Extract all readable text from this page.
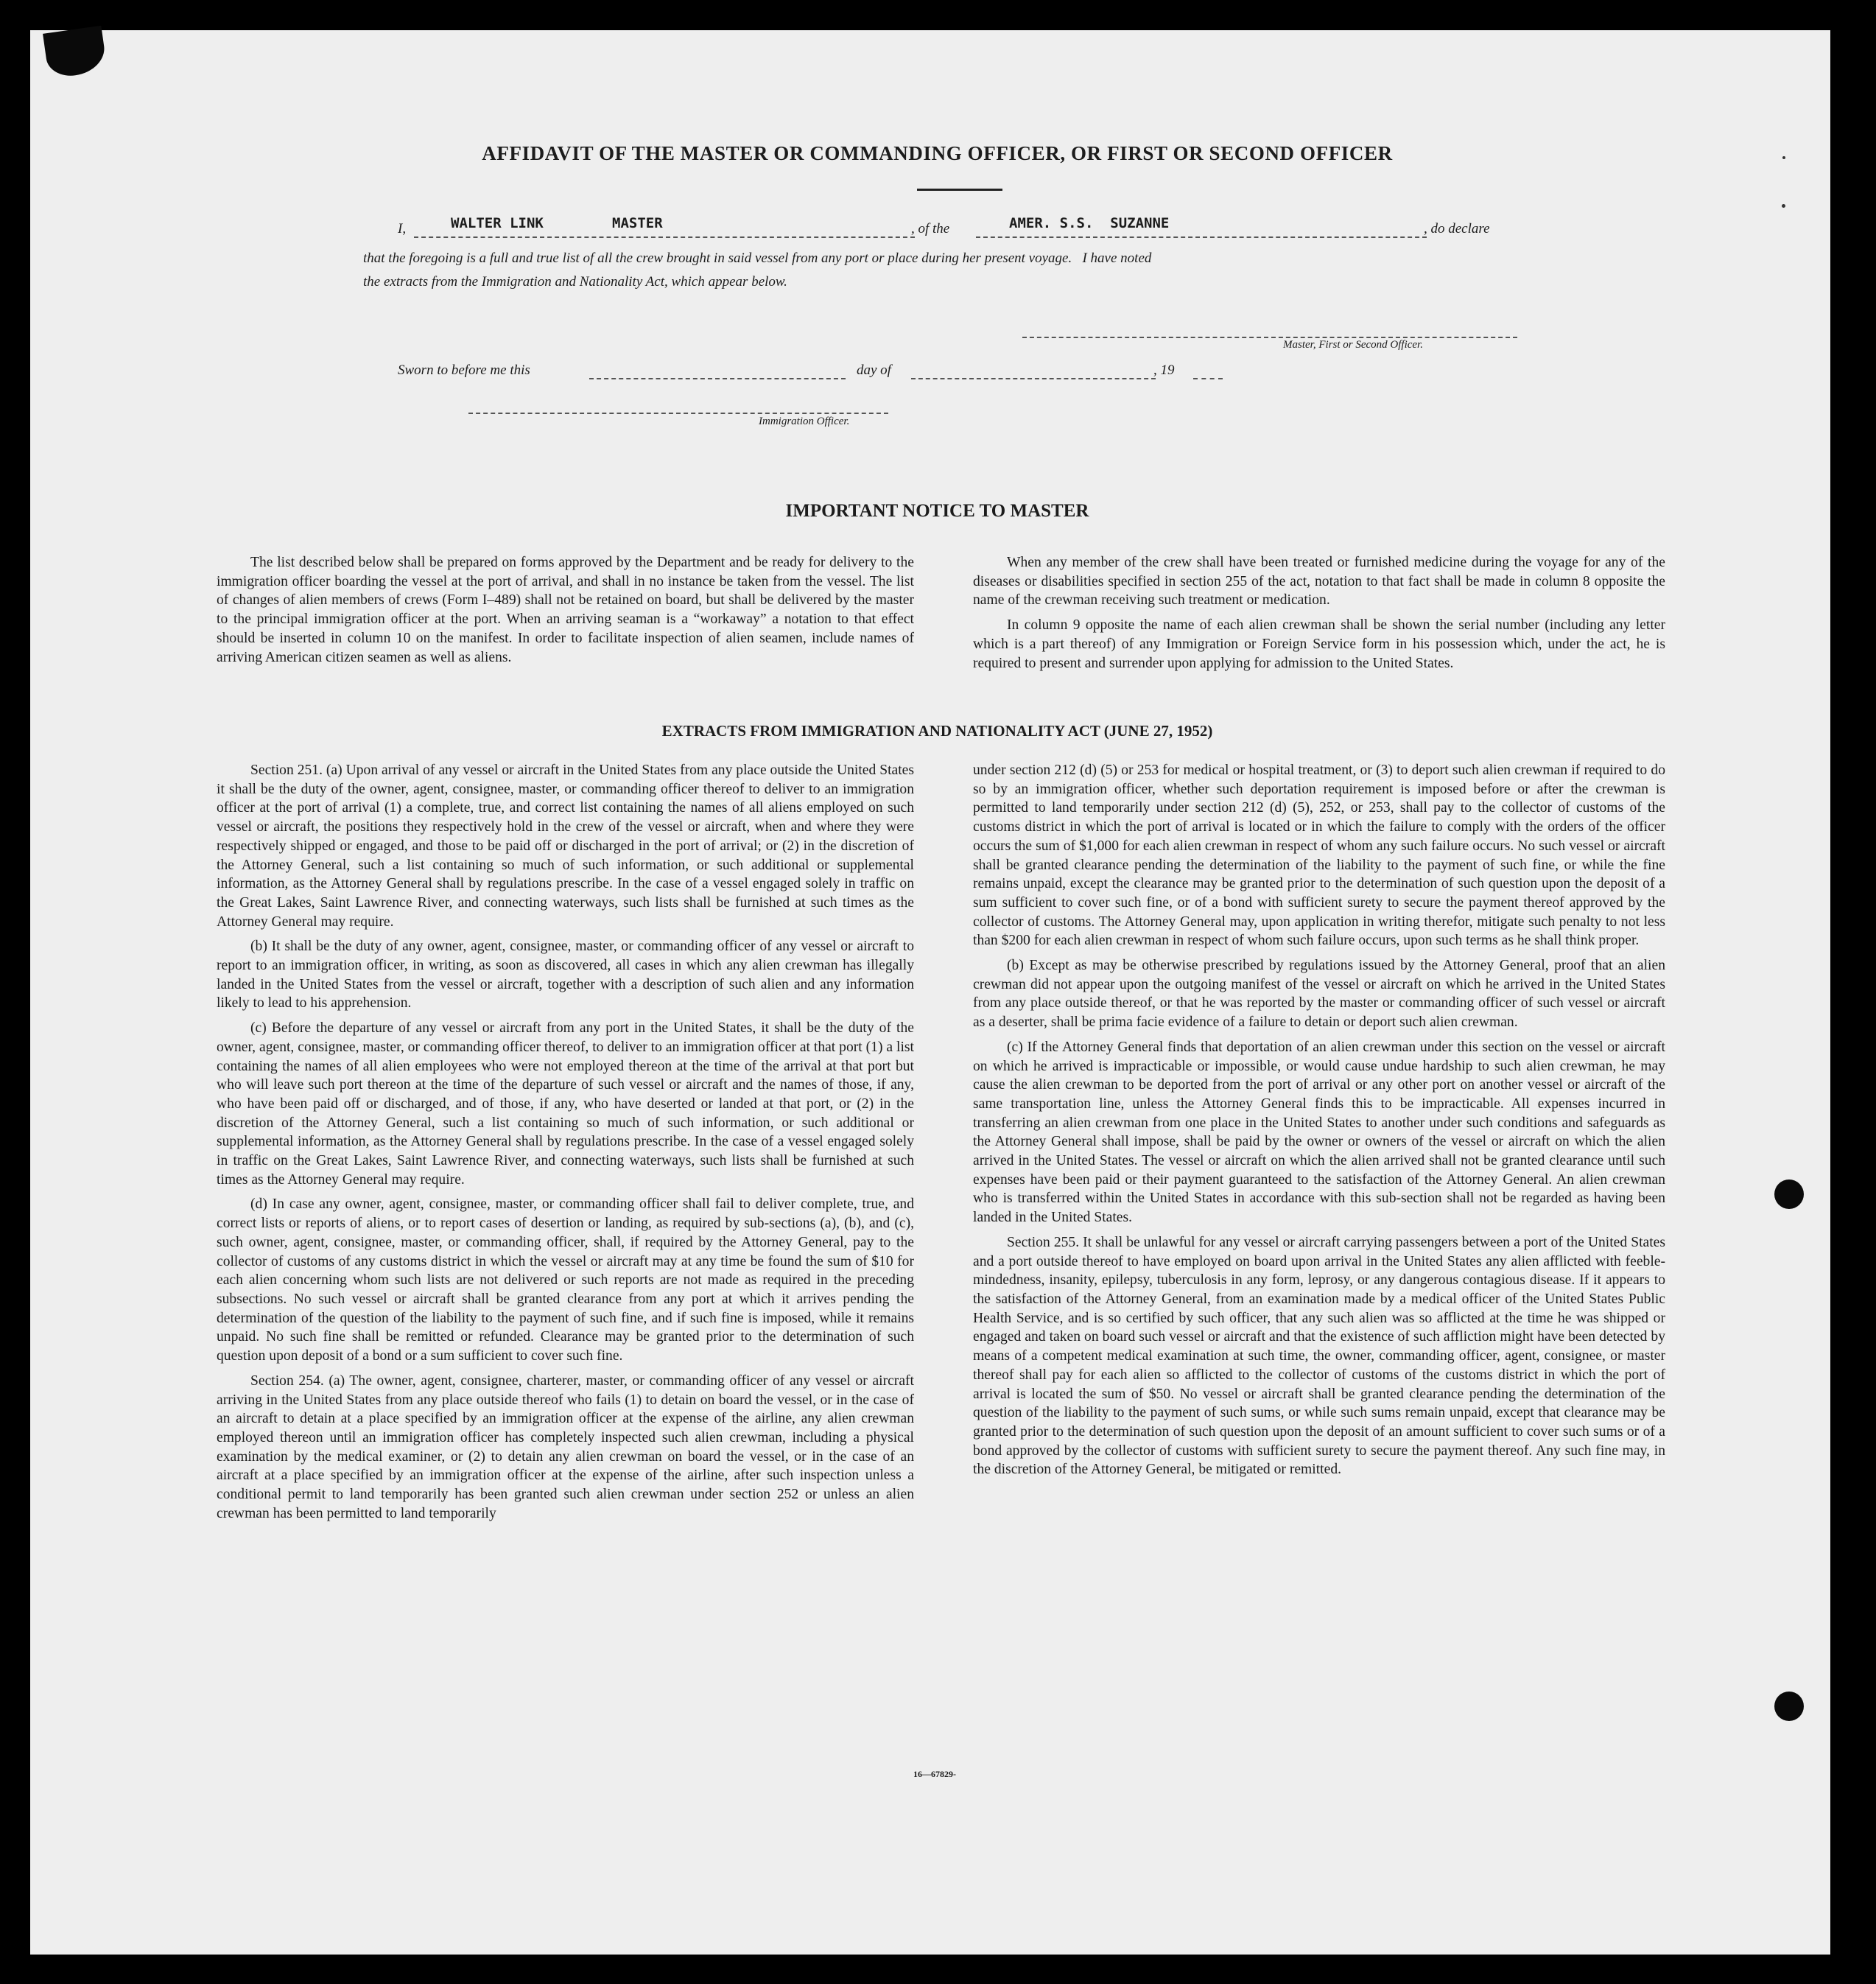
AFFIDAVIT OF THE MASTER OR COMMANDING OFFICER, OR FIRST OR SECOND OFFICER
I,	WALTER LINK	MASTER	, of the	AMER. S.S.  SUZANNE	, do declare
that the foregoing is a full and true list of all the crew brought in said vessel from any port or place during her present voyage.   I have noted
the extracts from the Immigration and Nationality Act, which appear below.
Master, First or Second Officer.
Sworn to before me this	day of	, 19
Immigration Officer.
IMPORTANT NOTICE TO MASTER

The list described below shall be prepared on forms approved by the Department and be ready for delivery to the immigration officer boarding the vessel at the port of arrival, and shall in no instance be taken from the vessel. The list of changes of alien members of crews (Form I–489) shall not be retained on board, but shall be delivered by the master to the principal immigration officer at the port. When an arriving seaman is a “workaway” a notation to that effect should be inserted in column 10 on the manifest. In order to facilitate inspection of alien seamen, include names of arriving American citizen seamen as well as aliens.

When any member of the crew shall have been treated or furnished medicine during the voyage for any of the diseases or disabilities specified in section 255 of the act, notation to that fact shall be made in column 8 opposite the name of the crewman receiving such treatment or medication.

In column 9 opposite the name of each alien crewman shall be shown the serial number (including any letter which is a part thereof) of any Immigration or Foreign Service form in his possession which, under the act, he is required to present and surrender upon applying for admission to the United States.

EXTRACTS FROM IMMIGRATION AND NATIONALITY ACT (JUNE 27, 1952)

Section 251. (a) Upon arrival of any vessel or aircraft in the United States from any place outside the United States it shall be the duty of the owner, agent, consignee, master, or commanding officer thereof to deliver to an immigration officer at the port of arrival (1) a complete, true, and correct list containing the names of all aliens employed on such vessel or aircraft, the positions they respectively hold in the crew of the vessel or aircraft, when and where they were respectively shipped or engaged, and those to be paid off or discharged in the port of arrival; or (2) in the discretion of the Attorney General, such a list containing so much of such information, or such additional or supplemental information, as the Attorney General shall by regulations prescribe. In the case of a vessel engaged solely in traffic on the Great Lakes, Saint Lawrence River, and connecting waterways, such lists shall be furnished at such times as the Attorney General may require.

(b) It shall be the duty of any owner, agent, consignee, master, or commanding officer of any vessel or aircraft to report to an immigration officer, in writing, as soon as discovered, all cases in which any alien crewman has illegally landed in the United States from the vessel or aircraft, together with a description of such alien and any information likely to lead to his apprehension.

(c) Before the departure of any vessel or aircraft from any port in the United States, it shall be the duty of the owner, agent, consignee, master, or commanding officer thereof, to deliver to an immigration officer at that port (1) a list containing the names of all alien employees who were not employed thereon at the time of the arrival at that port but who will leave such port thereon at the time of the departure of such vessel or aircraft and the names of those, if any, who have been paid off or discharged, and of those, if any, who have deserted or landed at that port, or (2) in the discretion of the Attorney General, such a list containing so much of such information, or such additional or supplemental information, as the Attorney General shall by regulations prescribe. In the case of a vessel engaged solely in traffic on the Great Lakes, Saint Lawrence River, and connecting waterways, such lists shall be furnished at such times as the Attorney General may require.

(d) In case any owner, agent, consignee, master, or commanding officer shall fail to deliver complete, true, and correct lists or reports of aliens, or to report cases of desertion or landing, as required by sub-sections (a), (b), and (c), such owner, agent, consignee, master, or commanding officer, shall, if required by the Attorney General, pay to the collector of customs of any customs district in which the vessel or aircraft may at any time be found the sum of $10 for each alien concerning whom such lists are not delivered or such reports are not made as required in the preceding subsections. No such vessel or aircraft shall be granted clearance from any port at which it arrives pending the determination of the question of the liability to the payment of such fine, and if such fine is imposed, while it remains unpaid. No such fine shall be remitted or refunded. Clearance may be granted prior to the determination of such question upon deposit of a bond or a sum sufficient to cover such fine.

Section 254. (a) The owner, agent, consignee, charterer, master, or commanding officer of any vessel or aircraft arriving in the United States from any place outside thereof who fails (1) to detain on board the vessel, or in the case of an aircraft to detain at a place specified by an immigration officer at the expense of the airline, any alien crewman employed thereon until an immigration officer has completely inspected such alien crewman, including a physical examination by the medical examiner, or (2) to detain any alien crewman on board the vessel, or in the case of an aircraft at a place specified by an immigration officer at the expense of the airline, after such inspection unless a conditional permit to land temporarily has been granted such alien crewman under section 252 or unless an alien crewman has been permitted to land temporarily

under section 212 (d) (5) or 253 for medical or hospital treatment, or (3) to deport such alien crewman if required to do so by an immigration officer, whether such deportation requirement is imposed before or after the crewman is permitted to land temporarily under section 212 (d) (5), 252, or 253, shall pay to the collector of customs of the customs district in which the port of arrival is located or in which the failure to comply with the orders of the officer occurs the sum of $1,000 for each alien crewman in respect of whom any such failure occurs. No such vessel or aircraft shall be granted clearance pending the determination of the liability to the payment of such fine, or while the fine remains unpaid, except the clearance may be granted prior to the determination of such question upon the deposit of a sum sufficient to cover such fine, or of a bond with sufficient surety to secure the payment thereof approved by the collector of customs. The Attorney General may, upon application in writing therefor, mitigate such penalty to not less than $200 for each alien crewman in respect of whom such failure occurs, upon such terms as he shall think proper.

(b) Except as may be otherwise prescribed by regulations issued by the Attorney General, proof that an alien crewman did not appear upon the outgoing manifest of the vessel or aircraft on which he arrived in the United States from any place outside thereof, or that he was reported by the master or commanding officer of such vessel or aircraft as a deserter, shall be prima facie evidence of a failure to detain or deport such alien crewman.

(c) If the Attorney General finds that deportation of an alien crewman under this section on the vessel or aircraft on which he arrived is impracticable or impossible, or would cause undue hardship to such alien crewman, he may cause the alien crewman to be deported from the port of arrival or any other port on another vessel or aircraft of the same transportation line, unless the Attorney General finds this to be impracticable. All expenses incurred in transferring an alien crewman from one place in the United States to another under such conditions and safeguards as the Attorney General shall impose, shall be paid by the owner or owners of the vessel or aircraft on which the alien arrived in the United States. The vessel or aircraft on which the alien arrived shall not be granted clearance until such expenses have been paid or their payment guaranteed to the satisfaction of the Attorney General. An alien crewman who is transferred within the United States in accordance with this sub-section shall not be regarded as having been landed in the United States.

Section 255. It shall be unlawful for any vessel or aircraft carrying passengers between a port of the United States and a port outside thereof to have employed on board upon arrival in the United States any alien afflicted with feeble-mindedness, insanity, epilepsy, tuberculosis in any form, leprosy, or any dangerous contagious disease. If it appears to the satisfaction of the Attorney General, from an examination made by a medical officer of the United States Public Health Service, and is so certified by such officer, that any such alien was so afflicted at the time he was shipped or engaged and taken on board such vessel or aircraft and that the existence of such affliction might have been detected by means of a competent medical examination at such time, the owner, commanding officer, agent, consignee, or master thereof shall pay for each alien so afflicted to the collector of customs of the customs district in which the port of arrival is located the sum of $50. No vessel or aircraft shall be granted clearance pending the determination of the question of the liability to the payment of such sums, or while such sums remain unpaid, except that clearance may be granted prior to the determination of such question upon the deposit of an amount sufficient to cover such sums or of a bond approved by the collector of customs with sufficient surety to secure the payment thereof. Any such fine may, in the discretion of the Attorney General, be mitigated or remitted.

16—67829-
